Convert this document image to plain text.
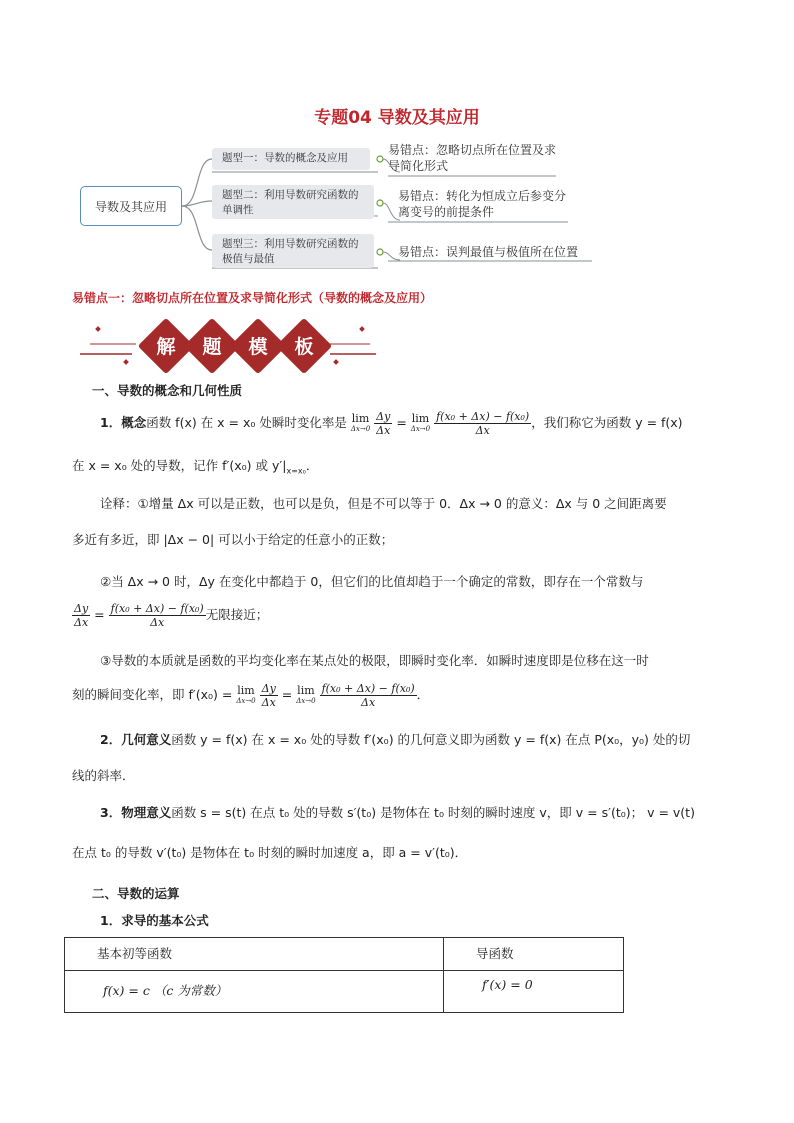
专题04 导数及其应用
导数及其应用
题型一：导数的概念及应用
题型二：利用导数研究函数的单调性
题型三：利用导数研究函数的极值与最值
易错点：忽略切点所在位置及求导简化形式
易错点：转化为恒成立后参变分离变号的前提条件
易错点：误判最值与极值所在位置
易错点一：忽略切点所在位置及求导简化形式（导数的概念及应用）
解	题	模	板
一、导数的概念和几何性质
1．概念函数 f(x) 在 x = x₀ 处瞬时变化率是 lim
Δx→0
$\frac{\Delta y}{\Delta x} = \lim$
Δx→0
$\frac{\text{f(x₀ + Δx) − f(x₀)}}{\Delta x}$ ，我们称它为函数 y = f(x)
在 x = x₀ 处的导数，记作 f′(x₀) 或 $y'|_{x=x_0}$．
诠释：①增量 Δx 可以是正数，也可以是负，但是不可以等于 0．Δx → 0 的意义：Δx 与 0 之间距离要
多近有多近，即 |Δx − 0| 可以小于给定的任意小的正数；
②当 Δx → 0 时，Δy 在变化中都趋于 0，但它们的比值却趋于一个确定的常数，即存在一个常数与
$\frac{\Delta y}{\Delta x} = \frac{\text{f(x₀ + Δx) − f(x₀)}}{\Delta x}$ 无限接近；
③导数的本质就是函数的平均变化率在某点处的极限，即瞬时变化率．如瞬时速度即是位移在这一时
刻的瞬间变化率，即 f′(x₀) = lim
Δx→0
$\frac{\Delta y}{\Delta x} = \lim$
Δx→0
$\frac{\text{f(x₀ + Δx) − f(x₀)}}{\Delta x}$ ．
2．几何意义函数 y = f(x) 在 x = x₀ 处的导数 f′(x₀) 的几何意义即为函数 y = f(x) 在点 P(x₀，y₀) 处的切
线的斜率．
3．物理意义函数 s = s(t) 在点 t₀ 处的导数 s′(t₀) 是物体在 t₀ 时刻的瞬时速度 v，即 v = s′(t₀)； v = v(t)
在点 t₀ 的导数 v′(t₀) 是物体在 t₀ 时刻的瞬时加速度 a，即 a = v′(t₀)．
二、导数的运算
1．求导的基本公式
基本初等函数	导函数
f(x) = c （c 为常数）	f′(x) = 0
